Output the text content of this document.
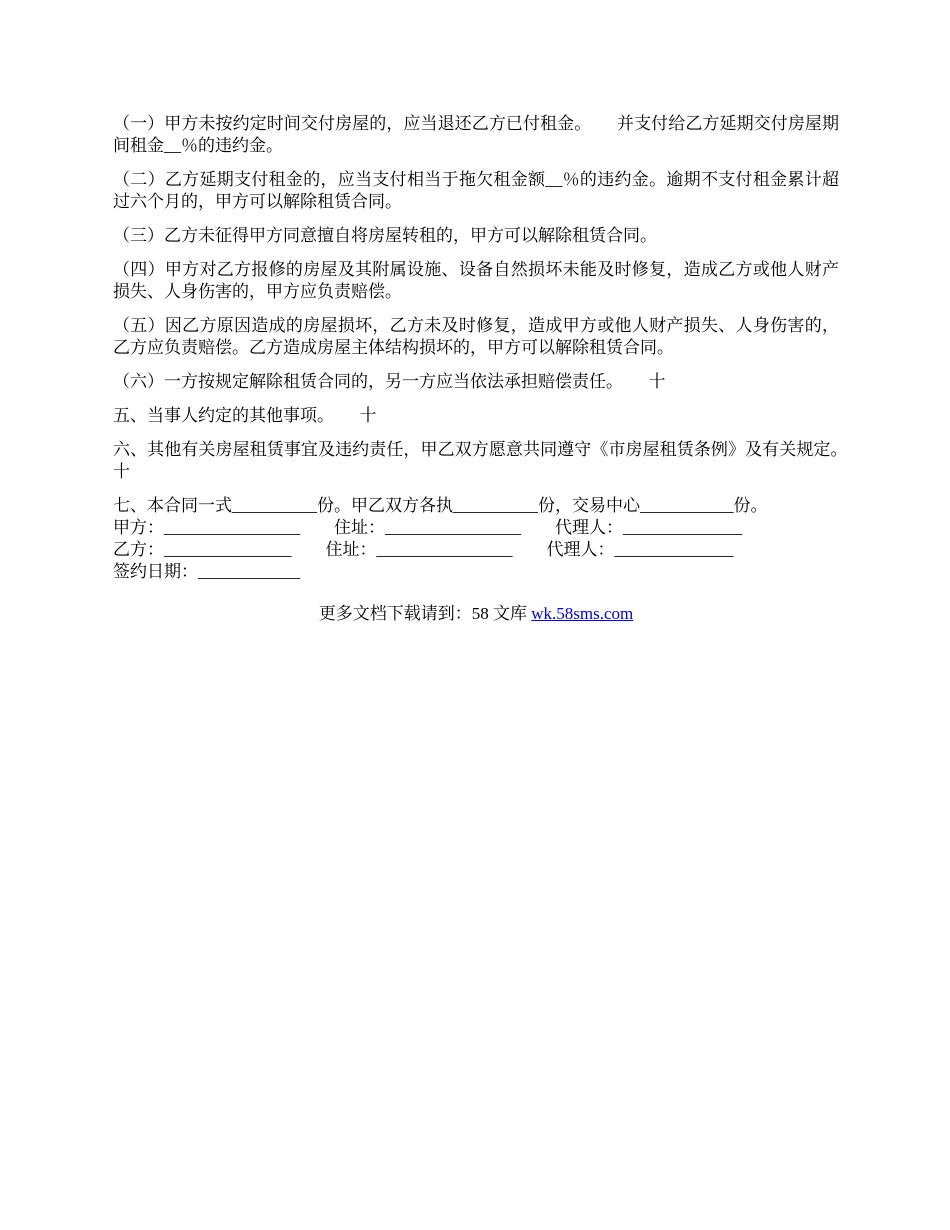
（一）甲方未按约定时间交付房屋的，应当退还乙方已付租金。　　并支付给乙方延期交付房屋期间租金__％的违约金。

（二）乙方延期支付租金的，应当支付相当于拖欠租金额__％的违约金。逾期不支付租金累计超过六个月的，甲方可以解除租赁合同。

（三）乙方未征得甲方同意擅自将房屋转租的，甲方可以解除租赁合同。

（四）甲方对乙方报修的房屋及其附属设施、设备自然损坏未能及时修复，造成乙方或他人财产损失、人身伤害的，甲方应负责赔偿。

（五）因乙方原因造成的房屋损坏，乙方未及时修复，造成甲方或他人财产损失、人身伤害的，乙方应负责赔偿。乙方造成房屋主体结构损坏的，甲方可以解除租赁合同。

（六）一方按规定解除租赁合同的，另一方应当依法承担赔偿责任。　　十

五、当事人约定的其他事项。　　十

六、其他有关房屋租赁事宜及违约责任，甲乙双方愿意共同遵守《市房屋租赁条例》及有关规定。　　十

七、本合同一式__________份。甲乙双方各执__________份，交易中心___________份。

甲方：________________　　住址：________________　　代理人：______________

乙方：_______________　　住址：________________　　代理人：______________

签约日期：____________

更多文档下载请到：58 文库 wk.58sms.com
